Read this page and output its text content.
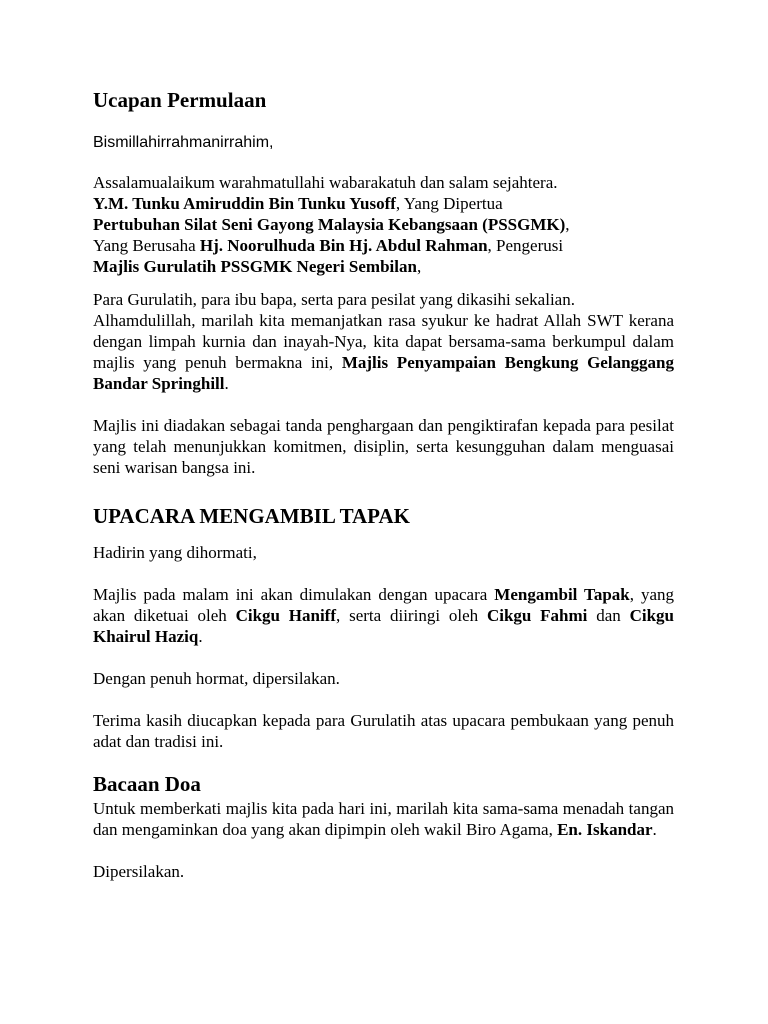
Ucapan Permulaan
Bismillahirrahmanirrahim,

Assalamualaikum warahmatullahi wabarakatuh dan salam sejahtera.

Y.M. Tunku Amiruddin Bin Tunku Yusoff, Yang Dipertua

Pertubuhan Silat Seni Gayong Malaysia Kebangsaan (PSSGMK),

Yang Berusaha Hj. Noorulhuda Bin Hj. Abdul Rahman, Pengerusi

Majlis Gurulatih PSSGMK Negeri Sembilan,

Para Gurulatih, para ibu bapa, serta para pesilat yang dikasihi sekalian.

Alhamdulillah, marilah kita memanjatkan rasa syukur ke hadrat Allah SWT kerana dengan limpah kurnia dan inayah-Nya, kita dapat bersama-sama berkumpul dalam majlis yang penuh bermakna ini, Majlis Penyampaian Bengkung Gelanggang Bandar Springhill.

Majlis ini diadakan sebagai tanda penghargaan dan pengiktirafan kepada para pesilat yang telah menunjukkan komitmen, disiplin, serta kesungguhan dalam menguasai seni warisan bangsa ini.

UPACARA MENGAMBIL TAPAK

Hadirin yang dihormati,

Majlis pada malam ini akan dimulakan dengan upacara Mengambil Tapak, yang akan diketuai oleh Cikgu Haniff, serta diiringi oleh Cikgu Fahmi dan Cikgu Khairul Haziq.

Dengan penuh hormat, dipersilakan.

Terima kasih diucapkan kepada para Gurulatih atas upacara pembukaan yang penuh adat dan tradisi ini.

Bacaan Doa

Untuk memberkati majlis kita pada hari ini, marilah kita sama-sama menadah tangan dan mengaminkan doa yang akan dipimpin oleh wakil Biro Agama, En. Iskandar.

Dipersilakan.
